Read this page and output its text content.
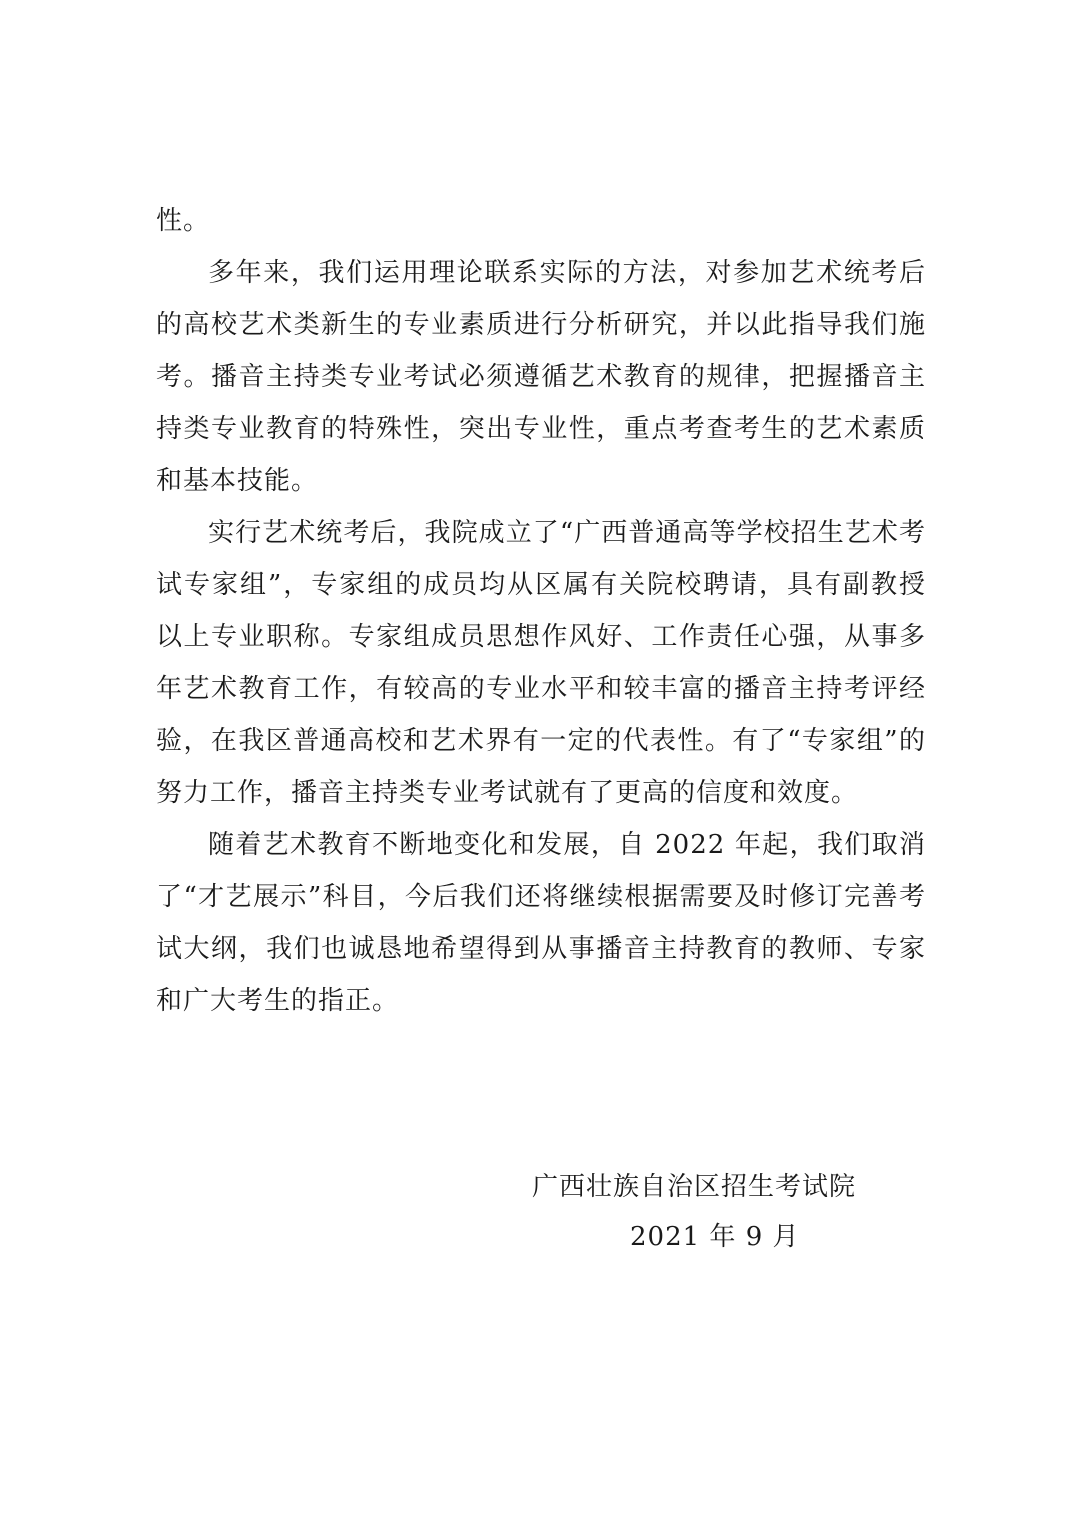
性。

多年来，我们运用理论联系实际的方法，对参加艺术统考后的高校艺术类新生的专业素质进行分析研究，并以此指导我们施考。播音主持类专业考试必须遵循艺术教育的规律，把握播音主持类专业教育的特殊性，突出专业性，重点考查考生的艺术素质和基本技能。

实行艺术统考后，我院成立了“广西普通高等学校招生艺术考试专家组”，专家组的成员均从区属有关院校聘请，具有副教授以上专业职称。专家组成员思想作风好、工作责任心强，从事多年艺术教育工作，有较高的专业水平和较丰富的播音主持考评经验，在我区普通高校和艺术界有一定的代表性。有了“专家组”的努力工作，播音主持类专业考试就有了更高的信度和效度。

随着艺术教育不断地变化和发展，自 2022 年起，我们取消了“才艺展示”科目，今后我们还将继续根据需要及时修订完善考试大纲，我们也诚恳地希望得到从事播音主持教育的教师、专家和广大考生的指正。

广西壮族自治区招生考试院

2021 年 9 月
